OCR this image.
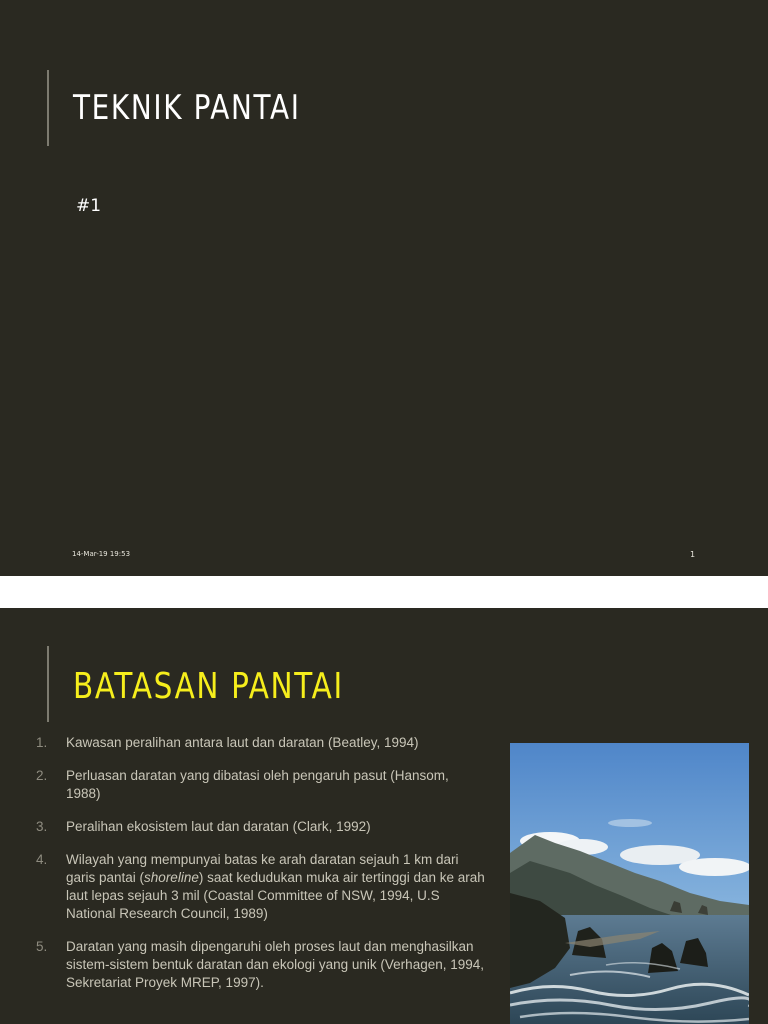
TEKNIK PANTAI
#1
14-Mar-19 19:53	1
BATASAN PANTAI
1. Kawasan peralihan antara laut dan daratan (Beatley, 1994)
2. Perluasan daratan yang dibatasi oleh pengaruh pasut (Hansom, 1988)
3. Peralihan ekosistem laut dan daratan (Clark, 1992)
4. Wilayah yang mempunyai batas ke arah daratan sejauh 1 km dari garis pantai (shoreline) saat kedudukan muka air tertinggi dan ke arah laut lepas sejauh 3 mil (Coastal Committee of NSW, 1994, U.S National Research Council, 1989)
5. Daratan yang masih dipengaruhi oleh proses laut dan menghasilkan sistem-sistem bentuk daratan dan ekologi yang unik (Verhagen, 1994, Sekretariat Proyek MREP, 1997).
